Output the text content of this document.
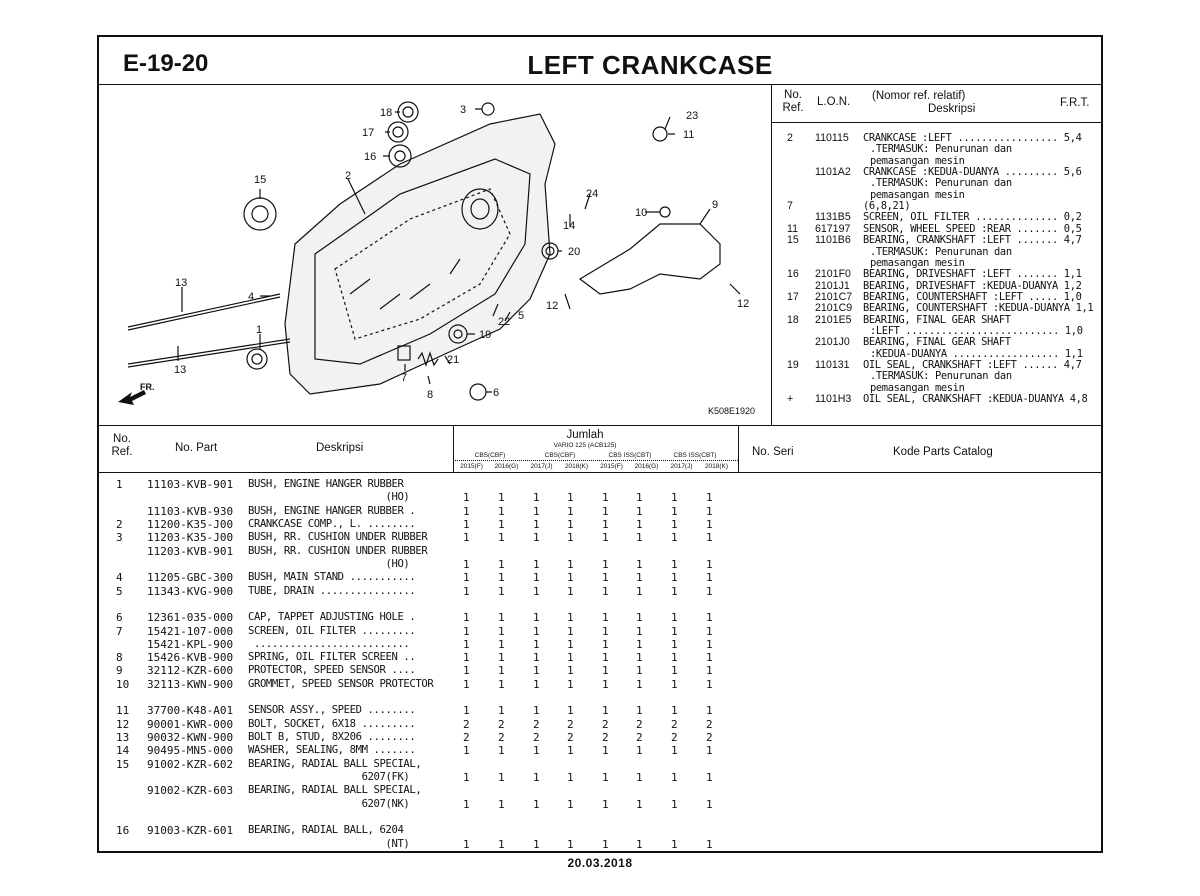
E-19-20	LEFT CRANKCASE
18
17
16
15	2
3	23
11
24
10
9
14
20
13
4
5
22
12	12
1	19
21
7
8	6
13
K508E1920
FR.
No.
Ref.	L.O.N. (Nomor ref. relatif)
Deskripsi	F.R.T.
2 110115 CRANKCASE :LEFT ................. 5,4
.TERMASUK: Penurunan dan
pemasangan mesin
1101A2 CRANKCASE :KEDUA-DUANYA ......... 5,6
.TERMASUK: Penurunan dan
pemasangan mesin
7	(6,8,21)
1131B5 SCREEN, OIL FILTER .............. 0,2
11 617197 SENSOR, WHEEL SPEED :REAR ....... 0,5
15 1101B6 BEARING, CRANKSHAFT :LEFT ....... 4,7
.TERMASUK: Penurunan dan
pemasangan mesin
16 2101F0 BEARING, DRIVESHAFT :LEFT ....... 1,1
2101J1 BEARING, DRIVESHAFT :KEDUA-DUANYA 1,2
17 2101C7 BEARING, COUNTERSHAFT :LEFT ..... 1,0
2101C9 BEARING, COUNTERSHAFT :KEDUA-DUANYA 1,1
18 2101E5 BEARING, FINAL GEAR SHAFT
:LEFT .......................... 1,0
2101J0 BEARING, FINAL GEAR SHAFT
:KEDUA-DUANYA .................. 1,1
19 110131 OIL SEAL, CRANKSHAFT :LEFT ...... 4,7
.TERMASUK: Penurunan dan
pemasangan mesin
+ 1101H3 OIL SEAL, CRANKSHAFT :KEDUA-DUANYA 4,8
No.
Ref.	No. Part	Deskripsi
Jumlah
VARIO 125 (ACB125)
CBS(CBF)	CBS(CBF)	CBS ISS(CBT)	CBS ISS(CBT)
2015(F)	2016(G)	2017(J)	2018(K)	2015(F)	2016(G)	2017(J)	2018(K)
No. Seri	Kode Parts Catalog
1 11103-KVB-901 BUSH, ENGINE HANGER RUBBER
(HO)	1	1	1 1	1 1	1	1
11103-KVB-930 BUSH, ENGINE HANGER RUBBER .	1	1	1 1	1 1	1	1
2 11200-K35-J00 CRANKCASE COMP., L. ........	1	1	1 1	1 1	1	1
3 11203-K35-J00 BUSH, RR. CUSHION UNDER RUBBER	1	1	1 1	1 1	1	1
11203-KVB-901 BUSH, RR. CUSHION UNDER RUBBER
(HO)	1	1	1 1	1 1	1	1
4 11205-GBC-300 BUSH, MAIN STAND ...........	1	1	1 1	1 1	1	1
5 11343-KVG-900 TUBE, DRAIN ................	1	1	1 1	1 1	1	1
6 12361-035-000 CAP, TAPPET ADJUSTING HOLE .	1	1	1 1	1 1	1	1
7 15421-107-000 SCREEN, OIL FILTER .........	1	1	1 1	1 1	1	1
15421-KPL-900 ..........................	1	1	1 1	1 1	1	1
8 15426-KVB-900 SPRING, OIL FILTER SCREEN ..	1	1	1 1	1 1	1	1
9 32112-KZR-600 PROTECTOR, SPEED SENSOR ....	1	1	1 1	1 1	1	1
10 32113-KWN-900 GROMMET, SPEED SENSOR PROTECTOR	1	1	1 1	1 1	1	1
11 37700-K48-A01 SENSOR ASSY., SPEED ........	1	1	1 1	1 1	1	1
12 90001-KWR-000 BOLT, SOCKET, 6X18 .........	2	2	2 2	2 2	2	2
13 90032-KWN-900 BOLT B, STUD, 8X206 ........	2	2	2 2	2 2	2	2
14 90495-MN5-000 WASHER, SEALING, 8MM .......	1	1	1 1	1 1	1	1
15 91002-KZR-602 BEARING, RADIAL BALL SPECIAL,
6207(FK)	1	1	1 1	1 1	1	1
91002-KZR-603 BEARING, RADIAL BALL SPECIAL,
6207(NK)	1	1	1 1	1 1	1	1
16 91003-KZR-601 BEARING, RADIAL BALL, 6204
(NT)	1	1	1 1	1 1	1	1
20.03.2018
